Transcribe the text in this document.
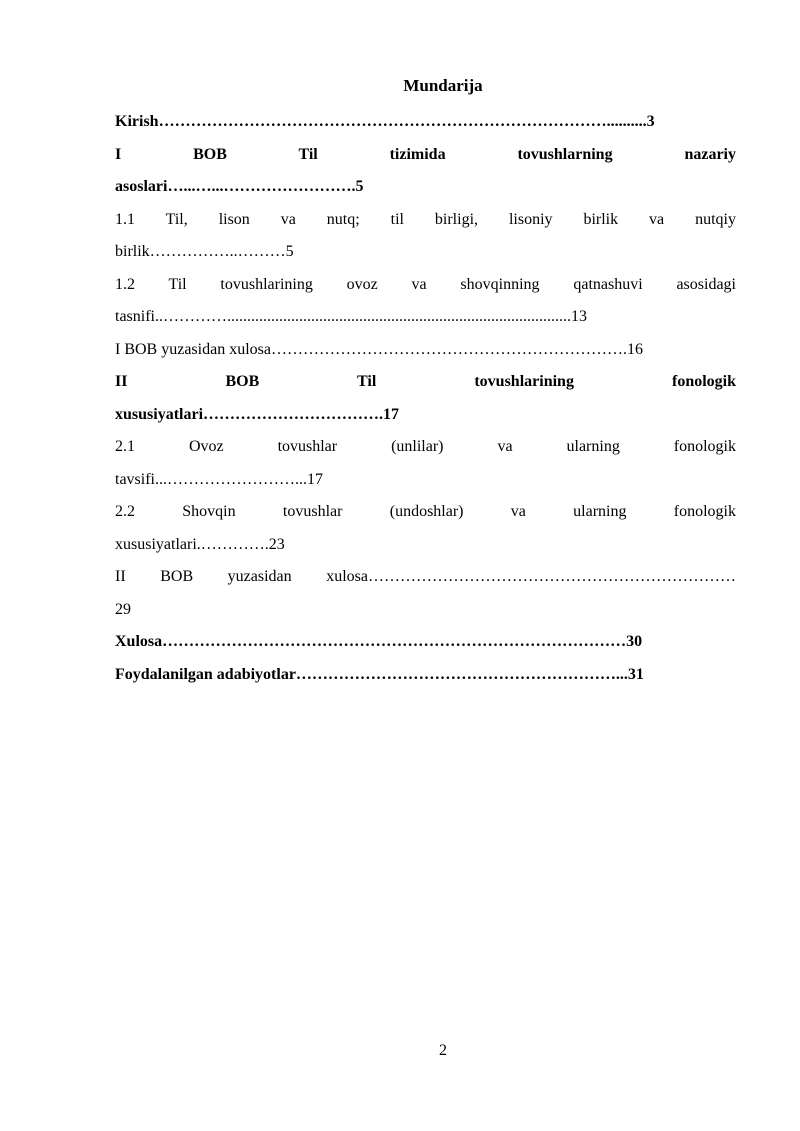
Mundarija
Kirish…………………………………………………………………………..........3
I BOB Til tizimida tovushlarning nazariy
asoslari…...…...…………………….5
1.1 Til, lison va nutq; til birligi, lisoniy birlik va nutqiy
birlik……………..………5
1.2 Til tovushlarining ovoz va shovqinning qatnashuvi asosidagi
tasnifi..…………......................................................................................13
I BOB yuzasidan xulosa………………………………………………………….16
II BOB Til tovushlarining fonologik
xususiyatlari…………………………….17
2.1 Ovoz tovushlar (unlilar) va ularning fonologik
tavsifi...……………………...17
2.2 Shovqin tovushlar (undoshlar) va ularning fonologik
xususiyatlari.………….23
II BOB yuzasidan xulosa……………………………………………………………
29
Xulosa……………………………………………………………………………30
Foydalanilgan adabiyotlar……………………………………………………...31
2
